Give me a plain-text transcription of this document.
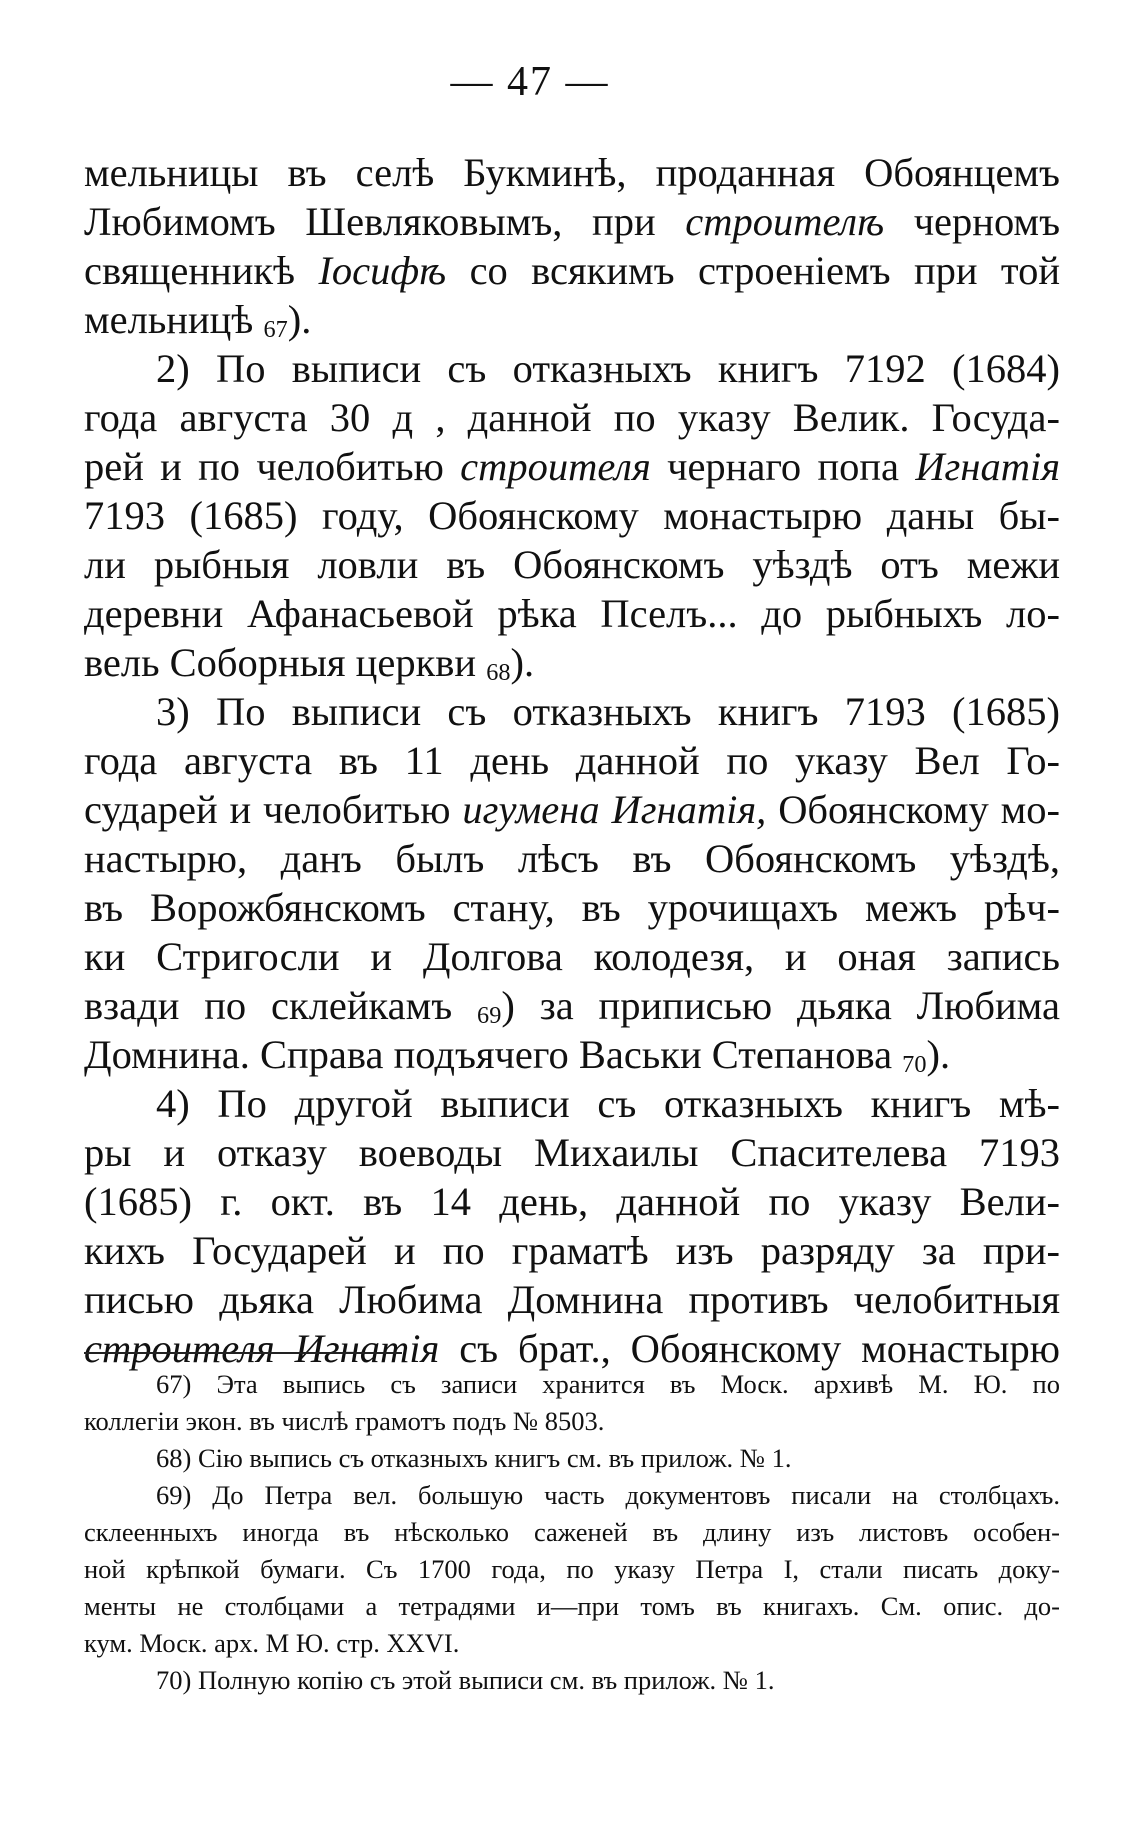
— 47 —
мельницы въ селѣ Букминѣ, проданная Обоянцемъ
Любимомъ Шевляковымъ, при строителѣ черномъ
священникѣ Іосифѣ со всякимъ строеніемъ при той
мельницѣ 67).
2) По выписи съ отказныхъ книгъ 7192 (1684)
года августа 30 д , данной по указу Велик. Госуда-
рей и по челобитью строителя чернаго попа Игнатія
7193 (1685) году, Обоянскому монастырю даны бы-
ли рыбныя ловли въ Обоянскомъ уѣздѣ отъ межи
деревни Афанасьевой рѣка Пселъ... до рыбныхъ ло-
вель Соборныя церкви 68).
3) По выписи съ отказныхъ книгъ 7193 (1685)
года августа въ 11 день данной по указу Вел Го-
сударей и челобитью игумена Игнатія, Обоянскому мо-
настырю, данъ былъ лѣсъ въ Обоянскомъ уѣздѣ,
въ Ворожбянскомъ стану, въ урочищахъ межъ рѣч-
ки Стригосли и Долгова колодезя, и оная запись
взади по склейкамъ 69) за приписью дьяка Любима
Домнина. Справа подъячего Васьки Степанова 70).
4) По другой выписи съ отказныхъ книгъ мѣ-
ры и отказу воеводы Михаилы Спасителева 7193
(1685) г. окт. въ 14 день, данной по указу Вели-
кихъ Государей и по граматѣ изъ разряду за при-
писью дьяка Любима Домнина противъ челобитныя
строителя Игнатія съ брат., Обоянскому монастырю
67) Эта выпись съ записи хранится въ Моск. архивѣ М. Ю. по
коллегіи экон. въ числѣ грамотъ подъ № 8503.
68) Сію выпись съ отказныхъ книгъ см. въ прилож. № 1.
69) До Петра вел. большую часть документовъ писали на столбцахъ.
склеенныхъ иногда въ нѣсколько саженей въ длину изъ листовъ особен-
ной крѣпкой бумаги. Съ 1700 года, по указу Петра I, стали писать доку-
менты не столбцами а тетрадями и—при томъ въ книгахъ. См. опис. до-
кум. Моск. арх. М Ю. стр. XXVI.
70) Полную копію съ этой выписи см. въ прилож. № 1.
